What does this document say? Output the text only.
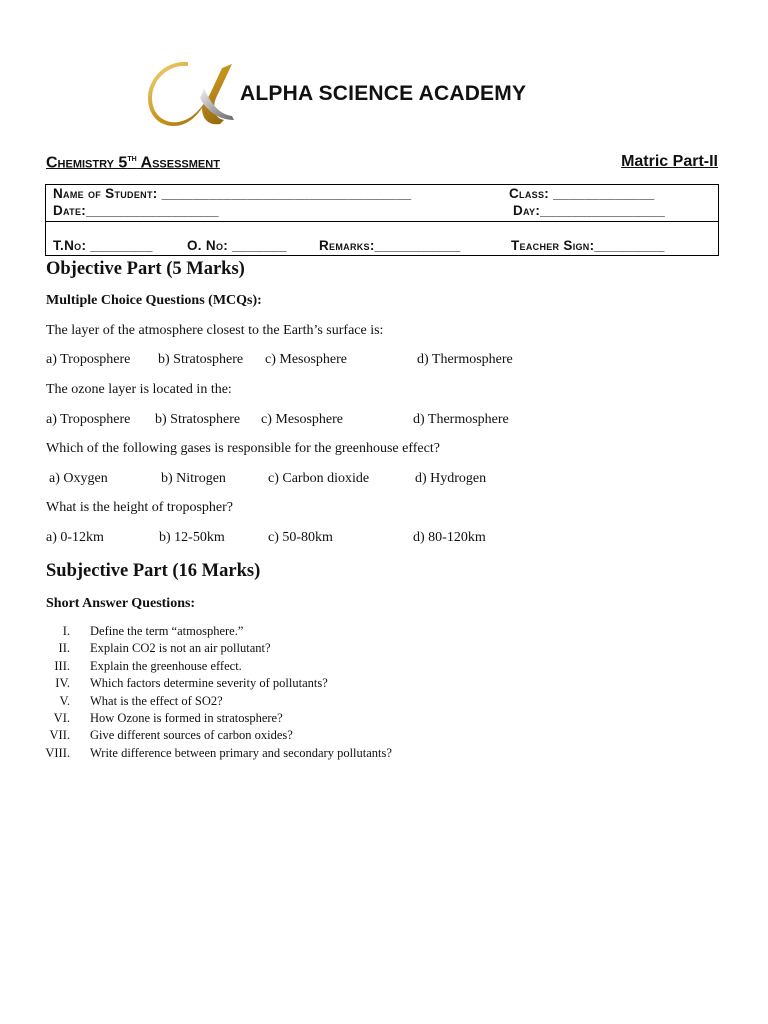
ALPHA SCIENCE ACADEMY
Chemistry 5th Assessment	Matric Part-II
Name of Student: ________________________________	Class: _____________
Date:_________________	Day:________________
T.No: ________	O. No: _______ Remarks:___________	Teacher Sign:_________
Objective Part (5 Marks)
Multiple Choice Questions (MCQs):
The layer of the atmosphere closest to the Earth’s surface is:
a) Troposphere b) Stratosphere c) Mesosphere	d) Thermosphere
The ozone layer is located in the:
a) Troposphere b) Stratosphere c) Mesosphere	d) Thermosphere
Which of the following gases is responsible for the greenhouse effect?
a) Oxygen	b) Nitrogen	c) Carbon dioxide	d) Hydrogen
What is the height of tropospher?
a) 0-12km	b) 12-50km	c) 50-80km	d) 80-120km
Subjective Part (16 Marks)
Short Answer Questions:
I. Define the term “atmosphere.”
II. Explain CO2 is not an air pollutant?
III. Explain the greenhouse effect.
IV. Which factors determine severity of pollutants?
V. What is the effect of SO2?
VI. How Ozone is formed in stratosphere?
VII. Give different sources of carbon oxides?
VIII. Write difference between primary and secondary pollutants?
